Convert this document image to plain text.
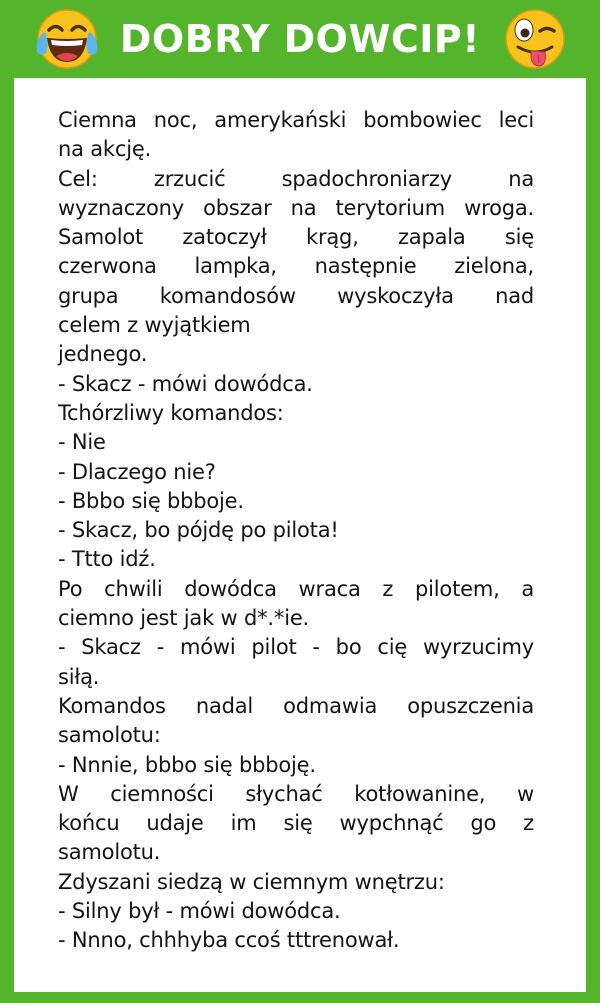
DOBRY DOWCIP!
Ciemna noc, amerykański bombowiec leci
na akcję.
Cel: zrzucić spadochroniarzy na
wyznaczony obszar na terytorium wroga.
Samolot zatoczył krąg, zapala się
czerwona lampka, następnie zielona,
grupa komandosów wyskoczyła nad
celem z wyjątkiem
jednego.
- Skacz - mówi dowódca.
Tchórzliwy komandos:
- Nie
- Dlaczego nie?
- Bbbo się bbboje.
- Skacz, bo pójdę po pilota!
- Ttto idź.
Po chwili dowódca wraca z pilotem, a
ciemno jest jak w d*.*ie.
- Skacz - mówi pilot - bo cię wyrzucimy
siłą.
Komandos nadal odmawia opuszczenia
samolotu:
- Nnnie, bbbo się bbboję.
W ciemności słychać kotłowanine, w
końcu udaje im się wypchnąć go z
samolotu.
Zdyszani siedzą w ciemnym wnętrzu:
- Silny był - mówi dowódca.
- Nnno, chhhyba ccoś tttrenował.
